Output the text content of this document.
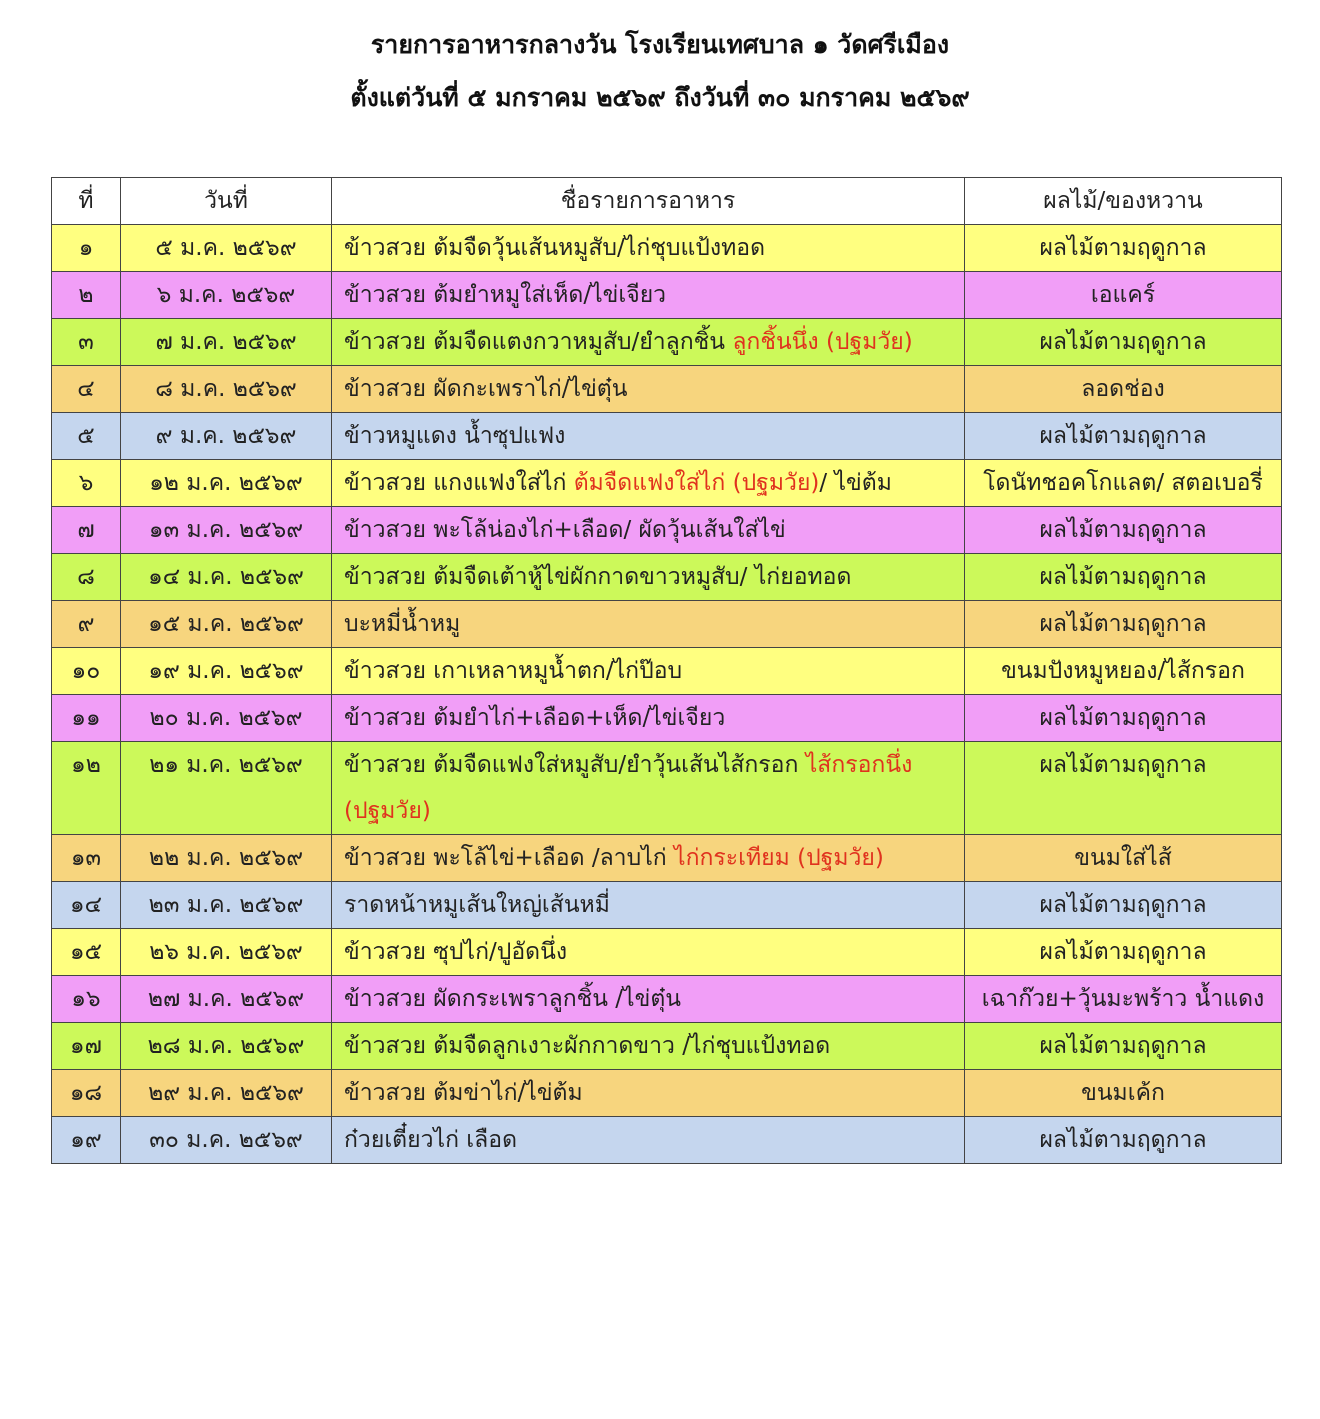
รายการอาหารกลางวัน โรงเรียนเทศบาล ๑ วัดศรีเมือง
ตั้งแต่วันที่ ๕ มกราคม ๒๕๖๙ ถึงวันที่ ๓๐ มกราคม ๒๕๖๙
ที่	วันที่	ชื่อรายการอาหาร	ผลไม้/ของหวาน
๑	๕ ม.ค. ๒๕๖๙	ข้าวสวย ต้มจืดวุ้นเส้นหมูสับ/ไก่ชุบแป้งทอด	ผลไม้ตามฤดูกาล
๒	๖ ม.ค. ๒๕๖๙	ข้าวสวย ต้มยำหมูใส่เห็ด/ไข่เจียว	เอแคร์
๓	๗ ม.ค. ๒๕๖๙	ข้าวสวย ต้มจืดแตงกวาหมูสับ/ยำลูกชิ้น ลูกชิ้นนึ่ง (ปฐมวัย)	ผลไม้ตามฤดูกาล
๔	๘ ม.ค. ๒๕๖๙	ข้าวสวย ผัดกะเพราไก่/ไข่ตุ๋น	ลอดช่อง
๕	๙ ม.ค. ๒๕๖๙	ข้าวหมูแดง น้ำซุปแฟง	ผลไม้ตามฤดูกาล
๖	๑๒ ม.ค. ๒๕๖๙	ข้าวสวย แกงแฟงใส่ไก่ ต้มจืดแฟงใส่ไก่ (ปฐมวัย)/ ไข่ต้ม	โดนัทชอคโกแลต/ สตอเบอรี่
๗	๑๓ ม.ค. ๒๕๖๙	ข้าวสวย พะโล้น่องไก่+เลือด/ ผัดวุ้นเส้นใส่ไข่	ผลไม้ตามฤดูกาล
๘	๑๔ ม.ค. ๒๕๖๙	ข้าวสวย ต้มจืดเต้าหู้ไข่ผักกาดขาวหมูสับ/ ไก่ยอทอด	ผลไม้ตามฤดูกาล
๙	๑๕ ม.ค. ๒๕๖๙	บะหมี่น้ำหมู	ผลไม้ตามฤดูกาล
๑๐	๑๙ ม.ค. ๒๕๖๙	ข้าวสวย เกาเหลาหมูน้ำตก/ไก่ป๊อบ	ขนมปังหมูหยอง/ไส้กรอก
๑๑	๒๐ ม.ค. ๒๕๖๙	ข้าวสวย ต้มยำไก่+เลือด+เห็ด/ไข่เจียว	ผลไม้ตามฤดูกาล
๑๒	๒๑ ม.ค. ๒๕๖๙	ข้าวสวย ต้มจืดแฟงใส่หมูสับ/ยำวุ้นเส้นไส้กรอก ไส้กรอกนึ่ง (ปฐมวัย)	ผลไม้ตามฤดูกาล
๑๓	๒๒ ม.ค. ๒๕๖๙	ข้าวสวย พะโล้ไข่+เลือด /ลาบไก่ ไก่กระเทียม (ปฐมวัย)	ขนมใส่ไส้
๑๔	๒๓ ม.ค. ๒๕๖๙	ราดหน้าหมูเส้นใหญ่เส้นหมี่	ผลไม้ตามฤดูกาล
๑๕	๒๖ ม.ค. ๒๕๖๙	ข้าวสวย ซุปไก่/ปูอัดนึ่ง	ผลไม้ตามฤดูกาล
๑๖	๒๗ ม.ค. ๒๕๖๙	ข้าวสวย ผัดกระเพราลูกชิ้น /ไข่ตุ๋น	เฉาก๊วย+วุ้นมะพร้าว น้ำแดง
๑๗	๒๘ ม.ค. ๒๕๖๙	ข้าวสวย ต้มจืดลูกเงาะผักกาดขาว /ไก่ชุบแป้งทอด	ผลไม้ตามฤดูกาล
๑๘	๒๙ ม.ค. ๒๕๖๙	ข้าวสวย ต้มข่าไก่/ไข่ต้ม	ขนมเค้ก
๑๙	๓๐ ม.ค. ๒๕๖๙	ก๋วยเตี๋ยวไก่ เลือด	ผลไม้ตามฤดูกาล
